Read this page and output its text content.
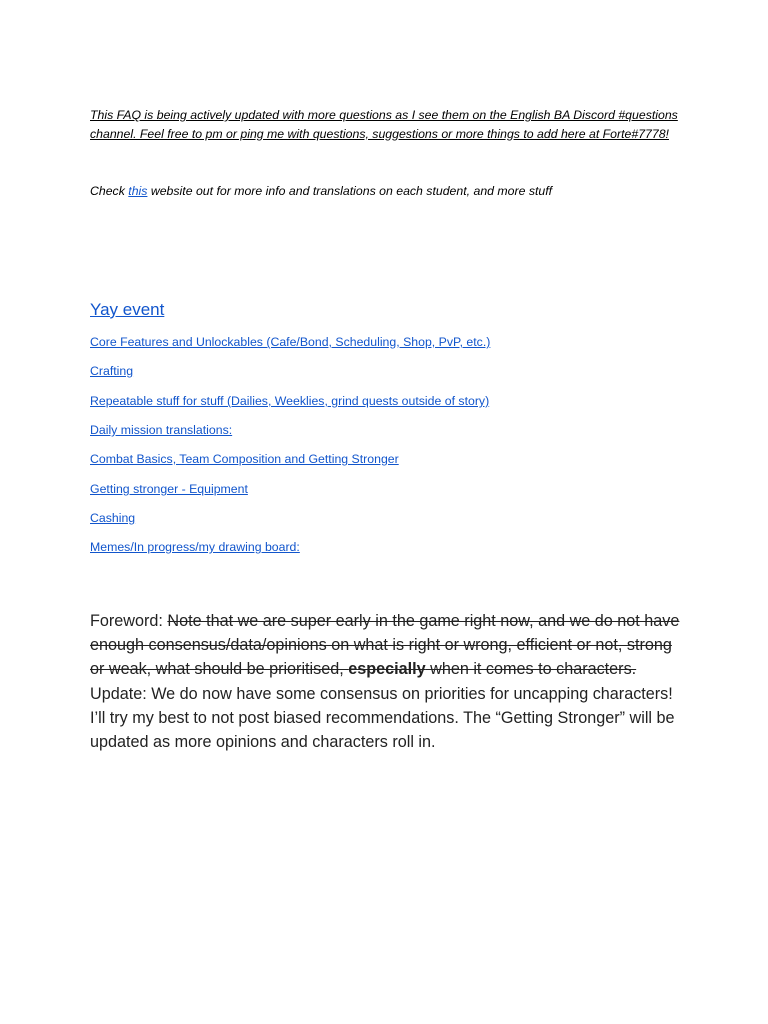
This FAQ is being actively updated with more questions as I see them on the English BA Discord #questions channel. Feel free to pm or ping me with questions, suggestions or more things to add here at Forte#7778!

Check this website out for more info and translations on each student, and more stuff

Yay event
Core Features and Unlockables (Cafe/Bond, Scheduling, Shop, PvP, etc.)
Crafting
Repeatable stuff for stuff (Dailies, Weeklies, grind quests outside of story)
Daily mission translations:
Combat Basics, Team Composition and Getting Stronger
Getting stronger - Equipment
Cashing
Memes/In progress/my drawing board:

Foreword: Note that we are super early in the game right now, and we do not have enough consensus/data/opinions on what is right or wrong, efficient or not, strong or weak, what should be prioritised, especially when it comes to characters. Update: We do now have some consensus on priorities for uncapping characters! I’ll try my best to not post biased recommendations. The “Getting Stronger” will be updated as more opinions and characters roll in.
